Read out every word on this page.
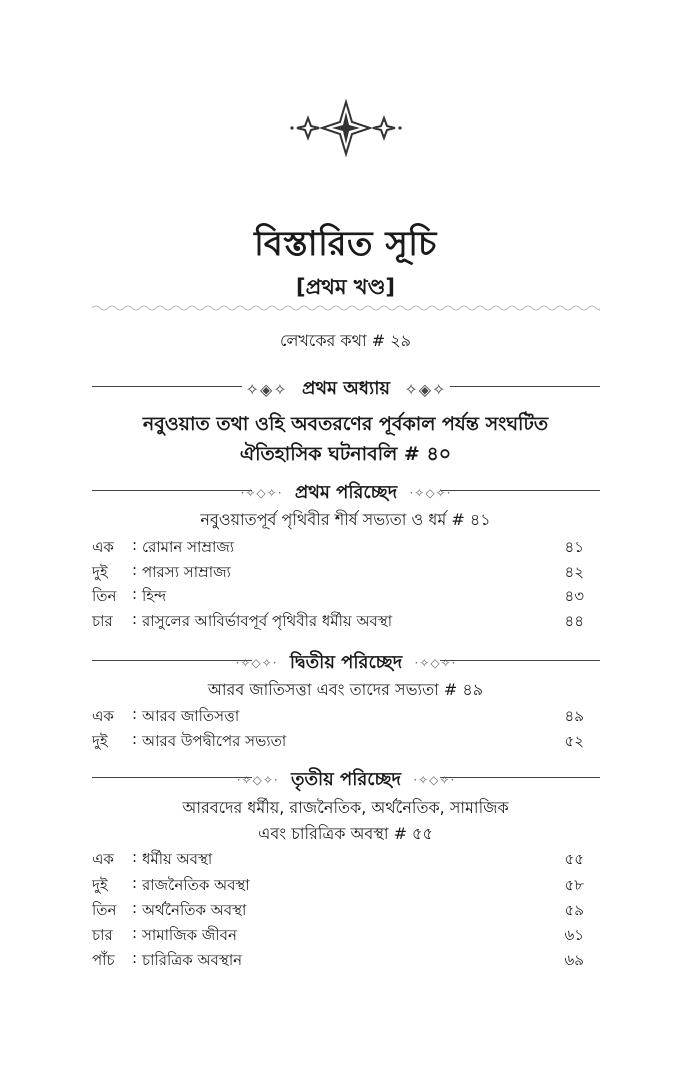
বিস্তারিত সূচি
[প্রথম খণ্ড]
লেখকের কথা # ২৯
✧◈✧ প্রথম অধ্যায় ✧◈✧
নবুওয়াত তথা ওহি অবতরণের পূর্বকাল পর্যন্ত সংঘটিত
ঐতিহাসিক ঘটনাবলি # ৪০
·✧◇✧· প্রথম পরিচ্ছেদ ·✧◇✧·
নবুওয়াতপূর্ব পৃথিবীর শীর্ষ সভ্যতা ও ধর্ম # ৪১
এক : রোমান সাম্রাজ্য	৪১
দুই : পারস্য সাম্রাজ্য	৪২
তিন : হিন্দ	৪৩
চার : রাসুলের আবির্ভাবপূর্ব পৃথিবীর ধর্মীয় অবস্থা	৪৪
·✧◇✧· দ্বিতীয় পরিচ্ছেদ ·✧◇✧·
আরব জাতিসত্তা এবং তাদের সভ্যতা # ৪৯
এক : আরব জাতিসত্তা	৪৯
দুই : আরব উপদ্বীপের সভ্যতা	৫২
·✧◇✧· তৃতীয় পরিচ্ছেদ ·✧◇✧·
আরবদের ধর্মীয়, রাজনৈতিক, অর্থনৈতিক, সামাজিক
এবং চারিত্রিক অবস্থা # ৫৫
এক : ধর্মীয় অবস্থা	৫৫
দুই : রাজনৈতিক অবস্থা	৫৮
তিন : অর্থনৈতিক অবস্থা	৫৯
চার : সামাজিক জীবন	৬১
পাঁচ : চারিত্রিক অবস্থান	৬৯
